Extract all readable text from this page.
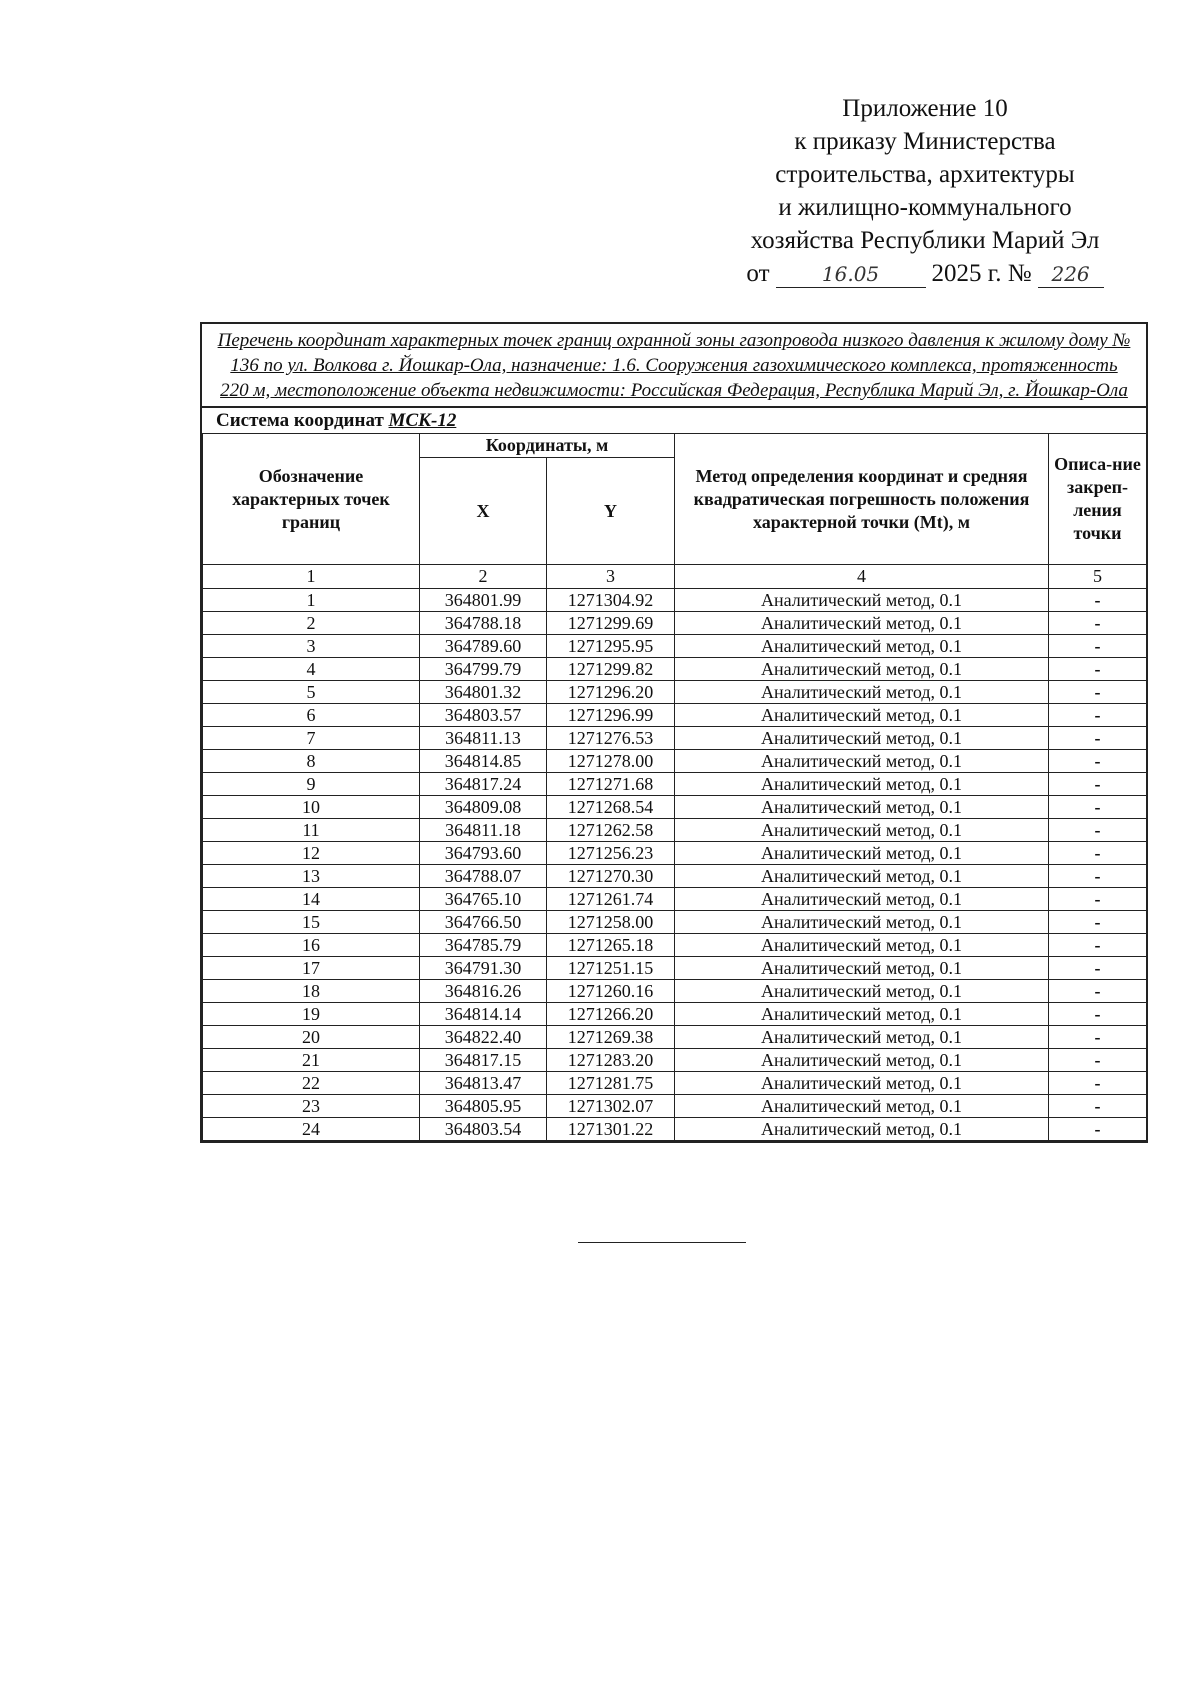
Приложение 10
к приказу Министерства
строительства, архитектуры
и жилищно-коммунального
хозяйства Республики Марий Эл
от	16.05	2025 г. № 226
Перечень координат характерных точек границ охранной зоны газопровода низкого давления к жилому дому № 136 по ул. Волкова г. Йошкар-Ола, назначение: 1.6. Сооружения газохимического комплекса, протяженность 220 м, местоположение объекта недвижимости: Российская Федерация, Республика Марий Эл, г. Йошкар-Ола
Система координат МСК-12
Обозначение характерных точек границ	Координаты, м		Метод определения координат и средняя квадратическая погрешность положения характерной точки (Mt), м	Описа-ние закреп-ления точки
	X	Y		
1	2	3	4	5
1	364801.99	1271304.92	Аналитический метод, 0.1	-
2	364788.18	1271299.69	Аналитический метод, 0.1	-
3	364789.60	1271295.95	Аналитический метод, 0.1	-
4	364799.79	1271299.82	Аналитический метод, 0.1	-
5	364801.32	1271296.20	Аналитический метод, 0.1	-
6	364803.57	1271296.99	Аналитический метод, 0.1	-
7	364811.13	1271276.53	Аналитический метод, 0.1	-
8	364814.85	1271278.00	Аналитический метод, 0.1	-
9	364817.24	1271271.68	Аналитический метод, 0.1	-
10	364809.08	1271268.54	Аналитический метод, 0.1	-
11	364811.18	1271262.58	Аналитический метод, 0.1	-
12	364793.60	1271256.23	Аналитический метод, 0.1	-
13	364788.07	1271270.30	Аналитический метод, 0.1	-
14	364765.10	1271261.74	Аналитический метод, 0.1	-
15	364766.50	1271258.00	Аналитический метод, 0.1	-
16	364785.79	1271265.18	Аналитический метод, 0.1	-
17	364791.30	1271251.15	Аналитический метод, 0.1	-
18	364816.26	1271260.16	Аналитический метод, 0.1	-
19	364814.14	1271266.20	Аналитический метод, 0.1	-
20	364822.40	1271269.38	Аналитический метод, 0.1	-
21	364817.15	1271283.20	Аналитический метод, 0.1	-
22	364813.47	1271281.75	Аналитический метод, 0.1	-
23	364805.95	1271302.07	Аналитический метод, 0.1	-
24	364803.54	1271301.22	Аналитический метод, 0.1	-
